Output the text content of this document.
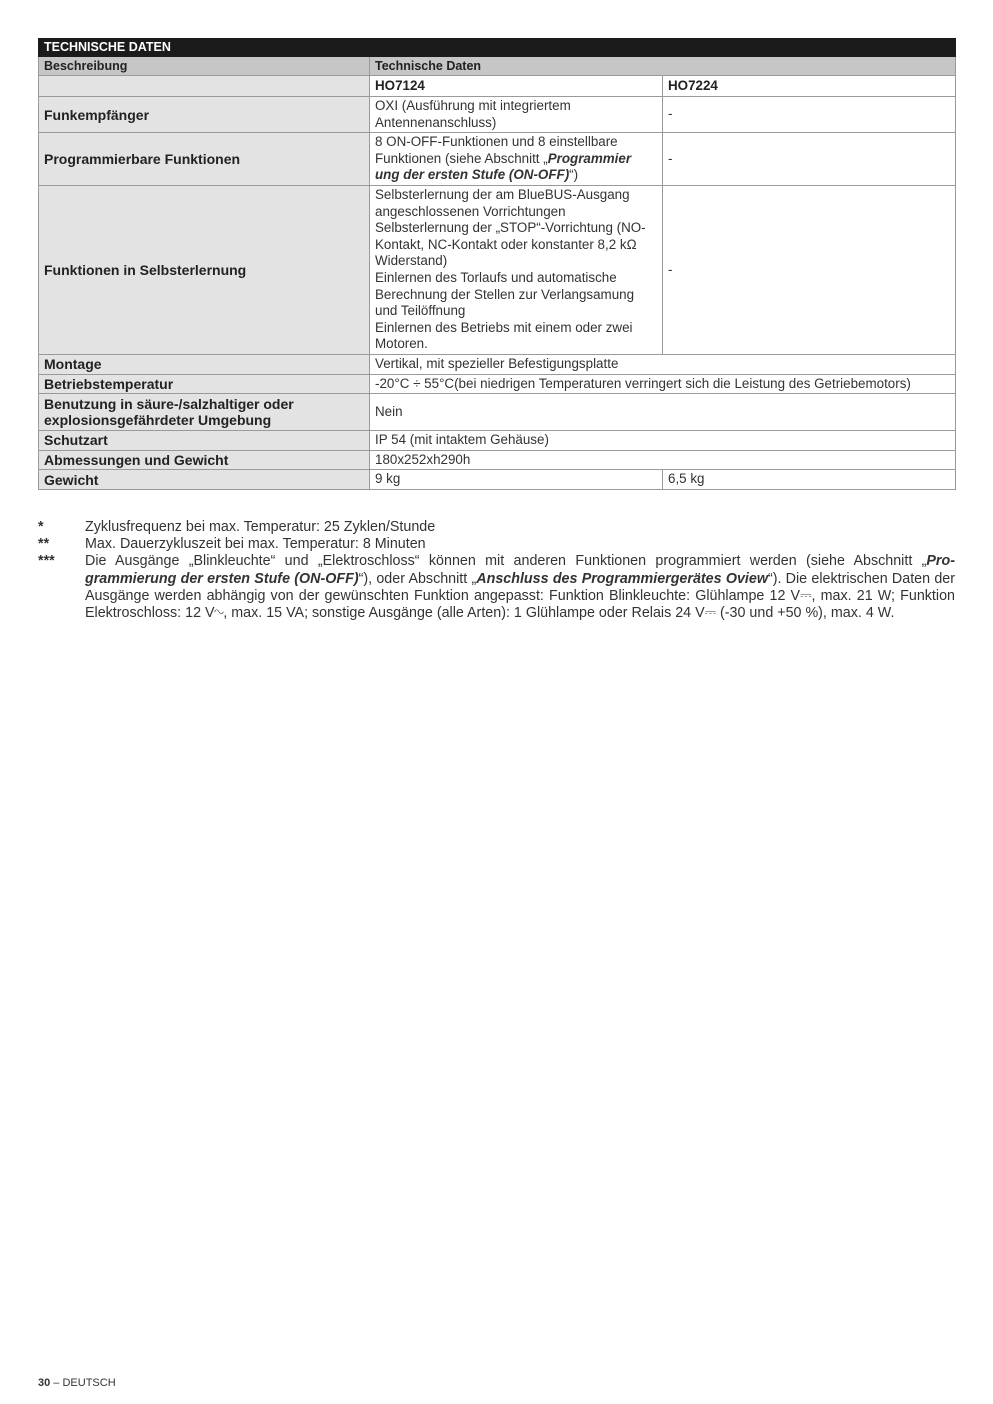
TECHNISCHE DATEN		
Beschreibung	Technische Daten	
	HO7124	HO7224
Funkempfänger	OXI (Ausführung mit integriertem Antennenanschluss)	-
Programmierbare Funktionen	8 ON-OFF-Funktionen und 8 einstellbare Funktionen (siehe Abschnitt „Programmier ung der ersten Stufe (ON-OFF)“)	-
Funktionen in Selbsterlernung	Selbsterlernung der am BlueBUS-Ausgang angeschlossenen Vorrichtungen
Selbsterlernung der „STOP“-Vorrichtung (NO-Kontakt, NC-Kontakt oder konstanter 8,2 kΩ Widerstand)
Einlernen des Torlaufs und automatische Berechnung der Stellen zur Verlangsamung und Teilöffnung
Einlernen des Betriebs mit einem oder zwei Motoren.	-
Montage	Vertikal, mit spezieller Befestigungsplatte	
Betriebstemperatur	-20°C ÷ 55°C(bei niedrigen Temperaturen verringert sich die Leistung des Getriebemotors)	
Benutzung in säure-/salzhaltiger oder explosionsgefährdeter Umgebung	Nein	
Schutzart	IP 54 (mit intaktem Gehäuse)	
Abmessungen und Gewicht	180x252xh290h	
Gewicht	9 kg	6,5 kg
*	Zyklusfrequenz bei max. Temperatur: 25 Zyklen/Stunde
**	Max. Dauerzykluszeit bei max. Temperatur: 8 Minuten
***	Die Ausgänge „Blinkleuchte“ und „Elektroschloss“ können mit anderen Funktionen programmiert werden (siehe Abschnitt „Pro-grammierung der ersten Stufe (ON-OFF)“), oder Abschnitt „Anschluss des Programmiergerätes Oview“). Die elektrischen Daten der Ausgänge werden abhängig von der gewünschten Funktion angepasst: Funktion Blinkleuchte: Glühlampe 12 V⎓, max. 21 W; Funktion Elektroschloss: 12 V∿, max. 15 VA; sonstige Ausgänge (alle Arten): 1 Glühlampe oder Relais 24 V⎓ (-30 und +50 %), max. 4 W.
30 – DEUTSCH
